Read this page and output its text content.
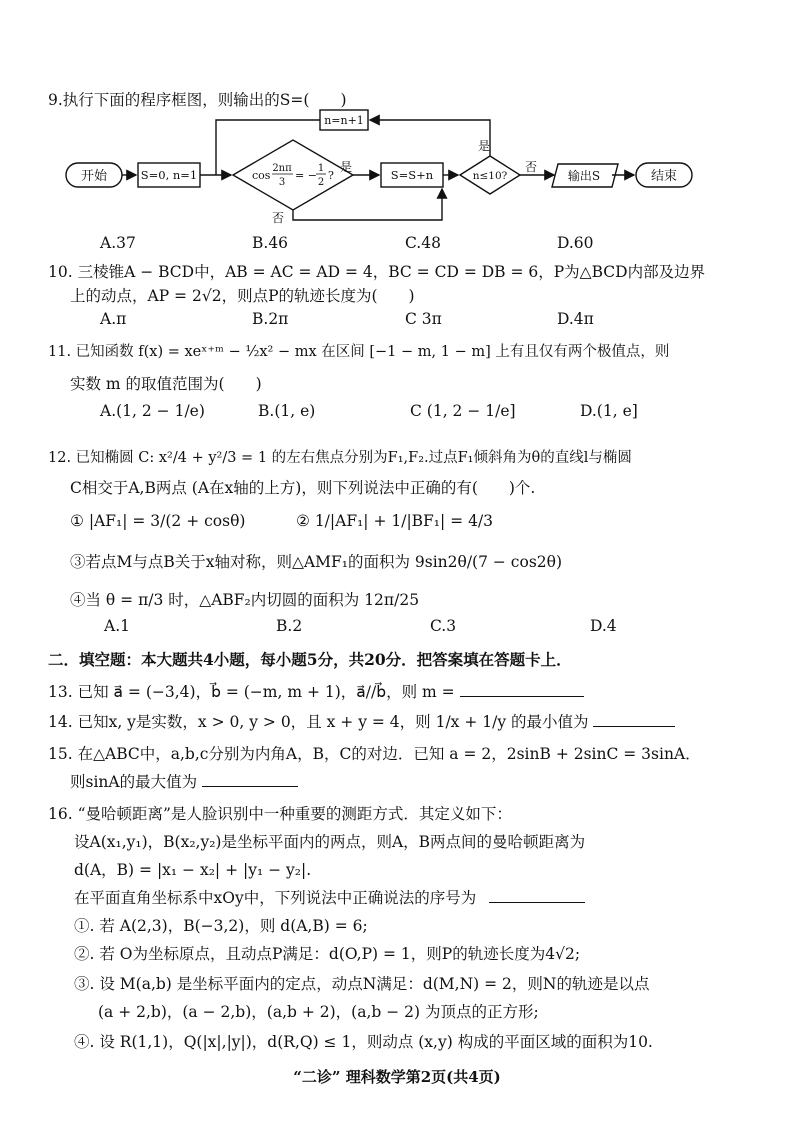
9.执行下面的程序框图，则输出的S=(　　)
开始	S=0, n=1	cos
2nπ
3
= −
1
2
?
是
否
S=S+n
n=n+1
n≤10?
是
否
输出S	结束
A.37	B.46	C.48	D.60
10. 三棱锥A − BCD中，AB = AC = AD = 4，BC = CD = DB = 6，P为△BCD内部及边界
上的动点，AP = 2√2，则点P的轨迹长度为(　　)
A.π	B.2π	C 3π	D.4π
11. 已知函数 f(x) = xeˣ⁺ᵐ − ½x² − mx 在区间 [−1 − m, 1 − m] 上有且仅有两个极值点，则
实数 m 的取值范围为(　　)
A.(1, 2 − 1/e)	B.(1, e)	C (1, 2 − 1/e]	D.(1, e]
12. 已知椭圆 C: x²/4 + y²/3 = 1 的左右焦点分别为F₁,F₂.过点F₁倾斜角为θ的直线l与椭圆
C相交于A,B两点 (A在x轴的上方)，则下列说法中正确的有(　　)个.
① |AF₁| = 3/(2 + cosθ)	② 1/|AF₁| + 1/|BF₁| = 4/3
③若点M与点B关于x轴对称，则△AMF₁的面积为 9sin2θ/(7 − cos2θ)
④当 θ = π/3 时，△ABF₂内切圆的面积为 12π/25
A.1	B.2	C.3	D.4
二．填空题：本大题共4小题，每小题5分，共20分．把答案填在答题卡上．
13. 已知 a⃗ = (−3,4)，b⃗ = (−m, m + 1)，a⃗//b⃗，则 m =
14. 已知x, y是实数，x > 0, y > 0，且 x + y = 4，则 1/x + 1/y 的最小值为
15. 在△ABC中，a,b,c分别为内角A，B，C的对边．已知 a = 2，2sinB + 2sinC = 3sinA．
则sinA的最大值为
16. “曼哈顿距离”是人脸识别中一种重要的测距方式．其定义如下：
设A(x₁,y₁)，B(x₂,y₂)是坐标平面内的两点，则A，B两点间的曼哈顿距离为
d(A，B) = |x₁ − x₂| + |y₁ − y₂|.
在平面直角坐标系中xOy中，下列说法中正确说法的序号为
①. 若 A(2,3)，B(−3,2)，则 d(A,B) = 6;
②. 若 O为坐标原点，且动点P满足：d(O,P) = 1，则P的轨迹长度为4√2;
③. 设 M(a,b) 是坐标平面内的定点，动点N满足：d(M,N) = 2，则N的轨迹是以点
(a + 2,b)，(a − 2,b)，(a,b + 2)，(a,b − 2) 为顶点的正方形;
④. 设 R(1,1)，Q(|x|,|y|)，d(R,Q) ≤ 1，则动点 (x,y) 构成的平面区域的面积为10.
“二诊” 理科数学第2页(共4页)
